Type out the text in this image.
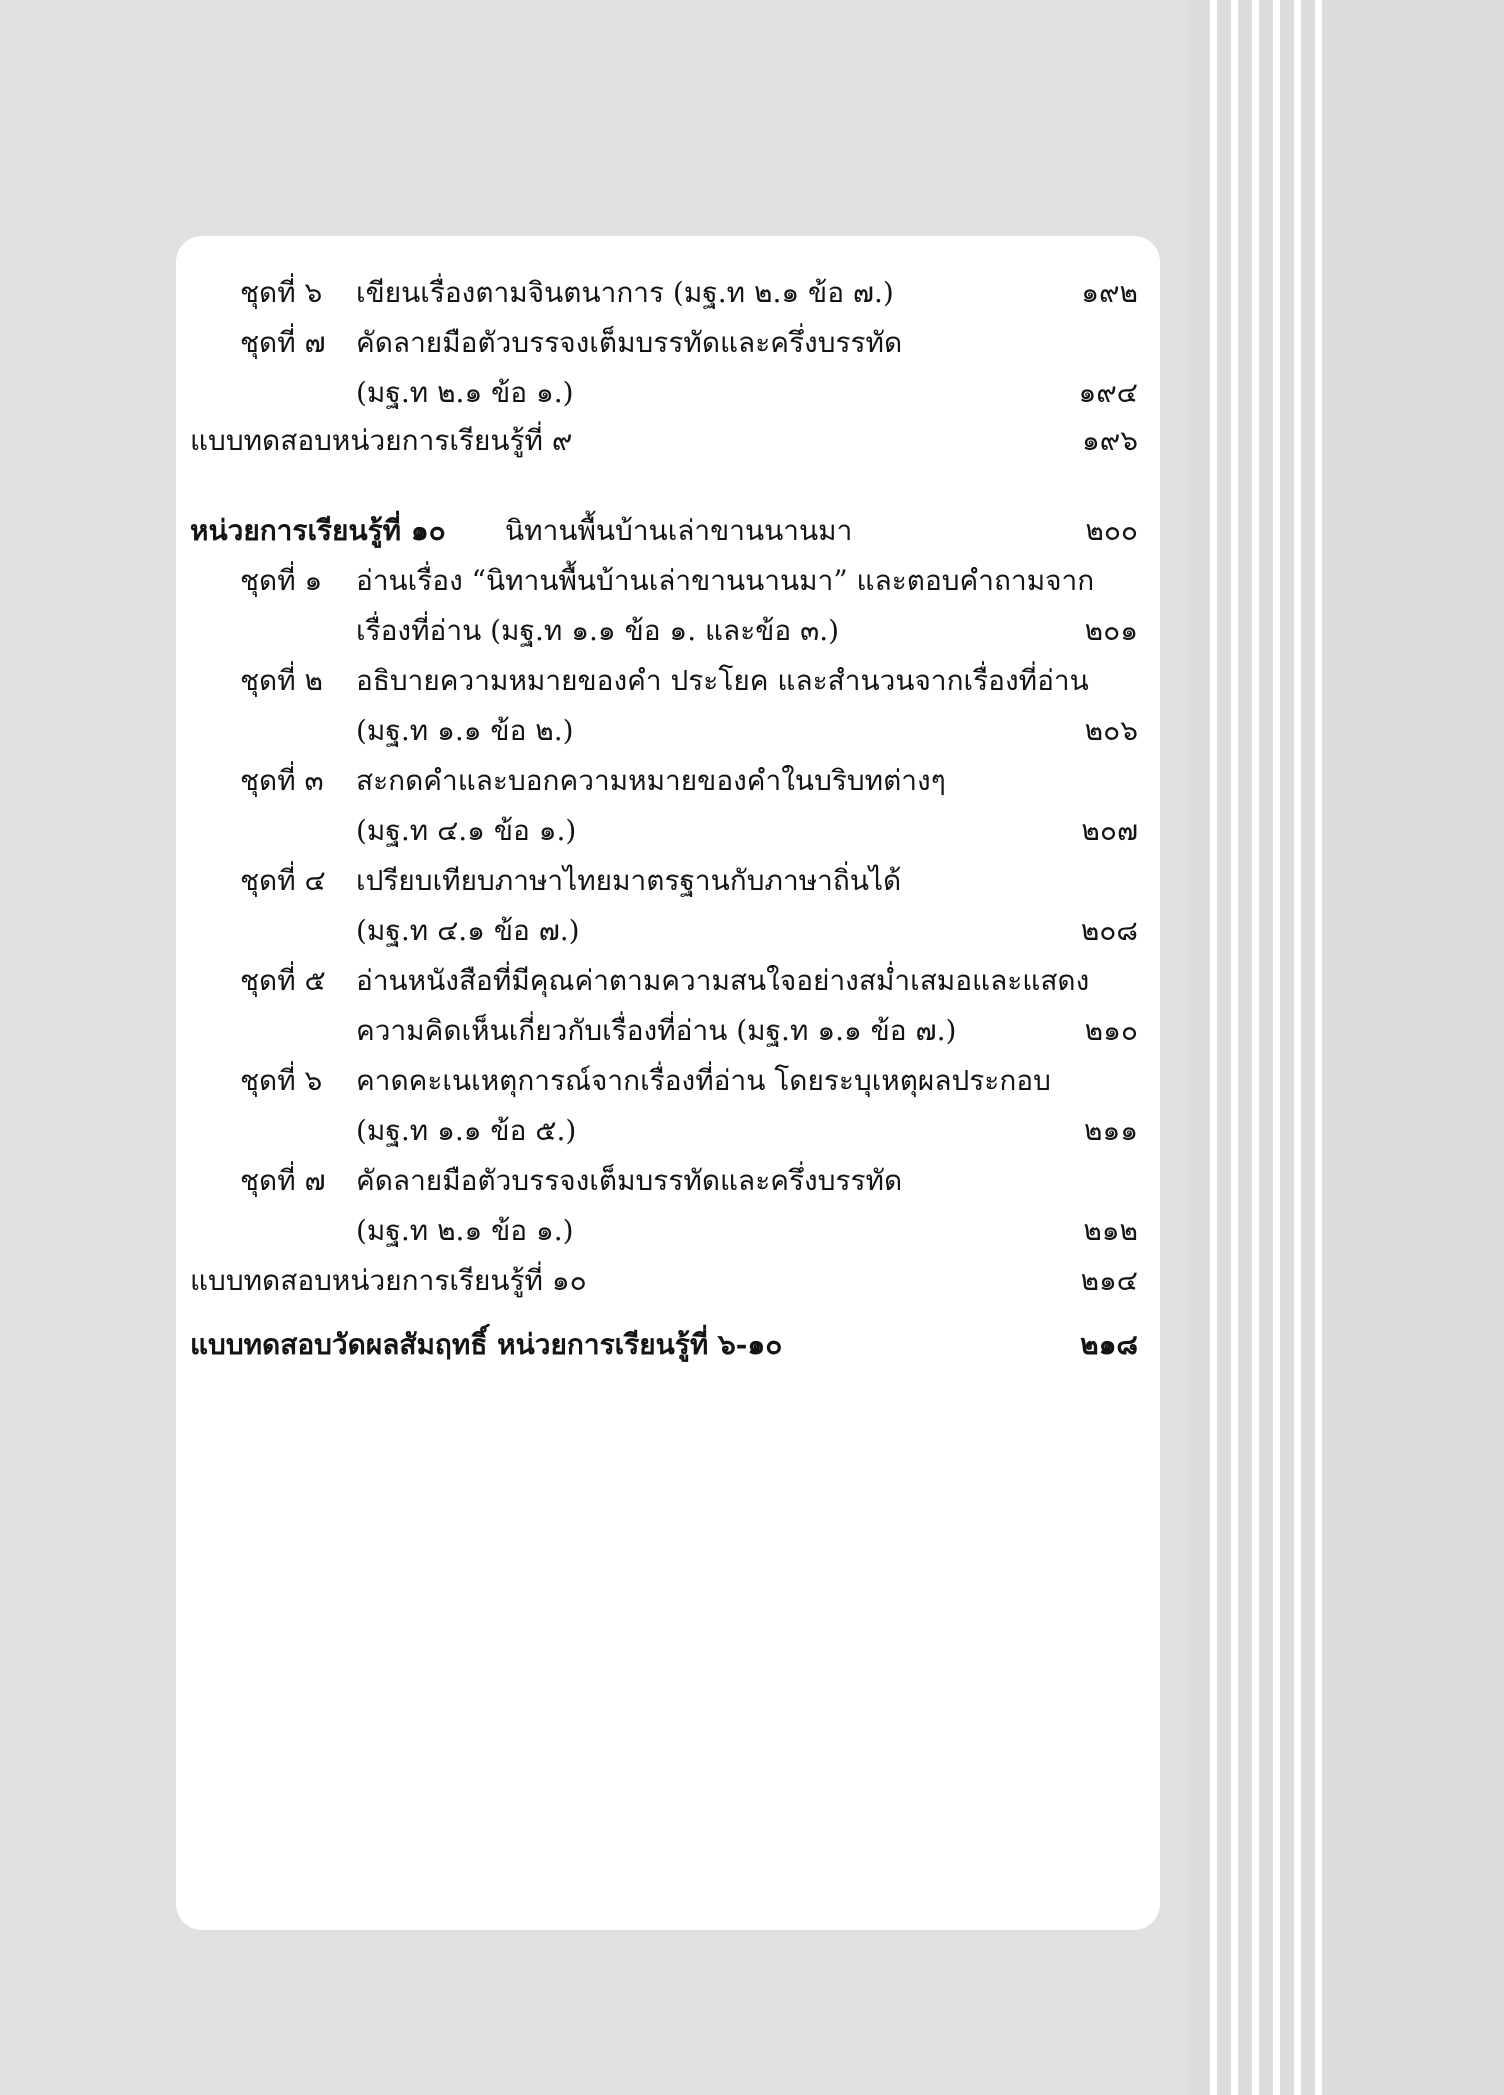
ชุดที่ ๖ เขียนเรื่องตามจินตนาการ (มฐ.ท ๒.๑ ข้อ ๗.)	๑๙๒
ชุดที่ ๗ คัดลายมือตัวบรรจงเต็มบรรทัดและครึ่งบรรทัด
(มฐ.ท ๒.๑ ข้อ ๑.)	๑๙๔
แบบทดสอบหน่วยการเรียนรู้ที่ ๙	๑๙๖
หน่วยการเรียนรู้ที่ ๑๐ นิทานพื้นบ้านเล่าขานนานมา	๒๐๐
ชุดที่ ๑ อ่านเรื่อง “นิทานพื้นบ้านเล่าขานนานมา” และตอบคำถามจาก
เรื่องที่อ่าน (มฐ.ท ๑.๑ ข้อ ๑. และข้อ ๓.)	๒๐๑
ชุดที่ ๒ อธิบายความหมายของคำ ประโยค และสำนวนจากเรื่องที่อ่าน
(มฐ.ท ๑.๑ ข้อ ๒.)	๒๐๖
ชุดที่ ๓ สะกดคำและบอกความหมายของคำในบริบทต่างๆ
(มฐ.ท ๔.๑ ข้อ ๑.)	๒๐๗
ชุดที่ ๔ เปรียบเทียบภาษาไทยมาตรฐานกับภาษาถิ่นได้
(มฐ.ท ๔.๑ ข้อ ๗.)	๒๐๘
ชุดที่ ๕ อ่านหนังสือที่มีคุณค่าตามความสนใจอย่างสม่ำเสมอและแสดง
ความคิดเห็นเกี่ยวกับเรื่องที่อ่าน (มฐ.ท ๑.๑ ข้อ ๗.)	๒๑๐
ชุดที่ ๖ คาดคะเนเหตุการณ์จากเรื่องที่อ่าน โดยระบุเหตุผลประกอบ
(มฐ.ท ๑.๑ ข้อ ๕.)	๒๑๑
ชุดที่ ๗ คัดลายมือตัวบรรจงเต็มบรรทัดและครึ่งบรรทัด
(มฐ.ท ๒.๑ ข้อ ๑.)	๒๑๒
แบบทดสอบหน่วยการเรียนรู้ที่ ๑๐	๒๑๔
แบบทดสอบวัดผลสัมฤทธิ์ หน่วยการเรียนรู้ที่ ๖-๑๐	๒๑๘
